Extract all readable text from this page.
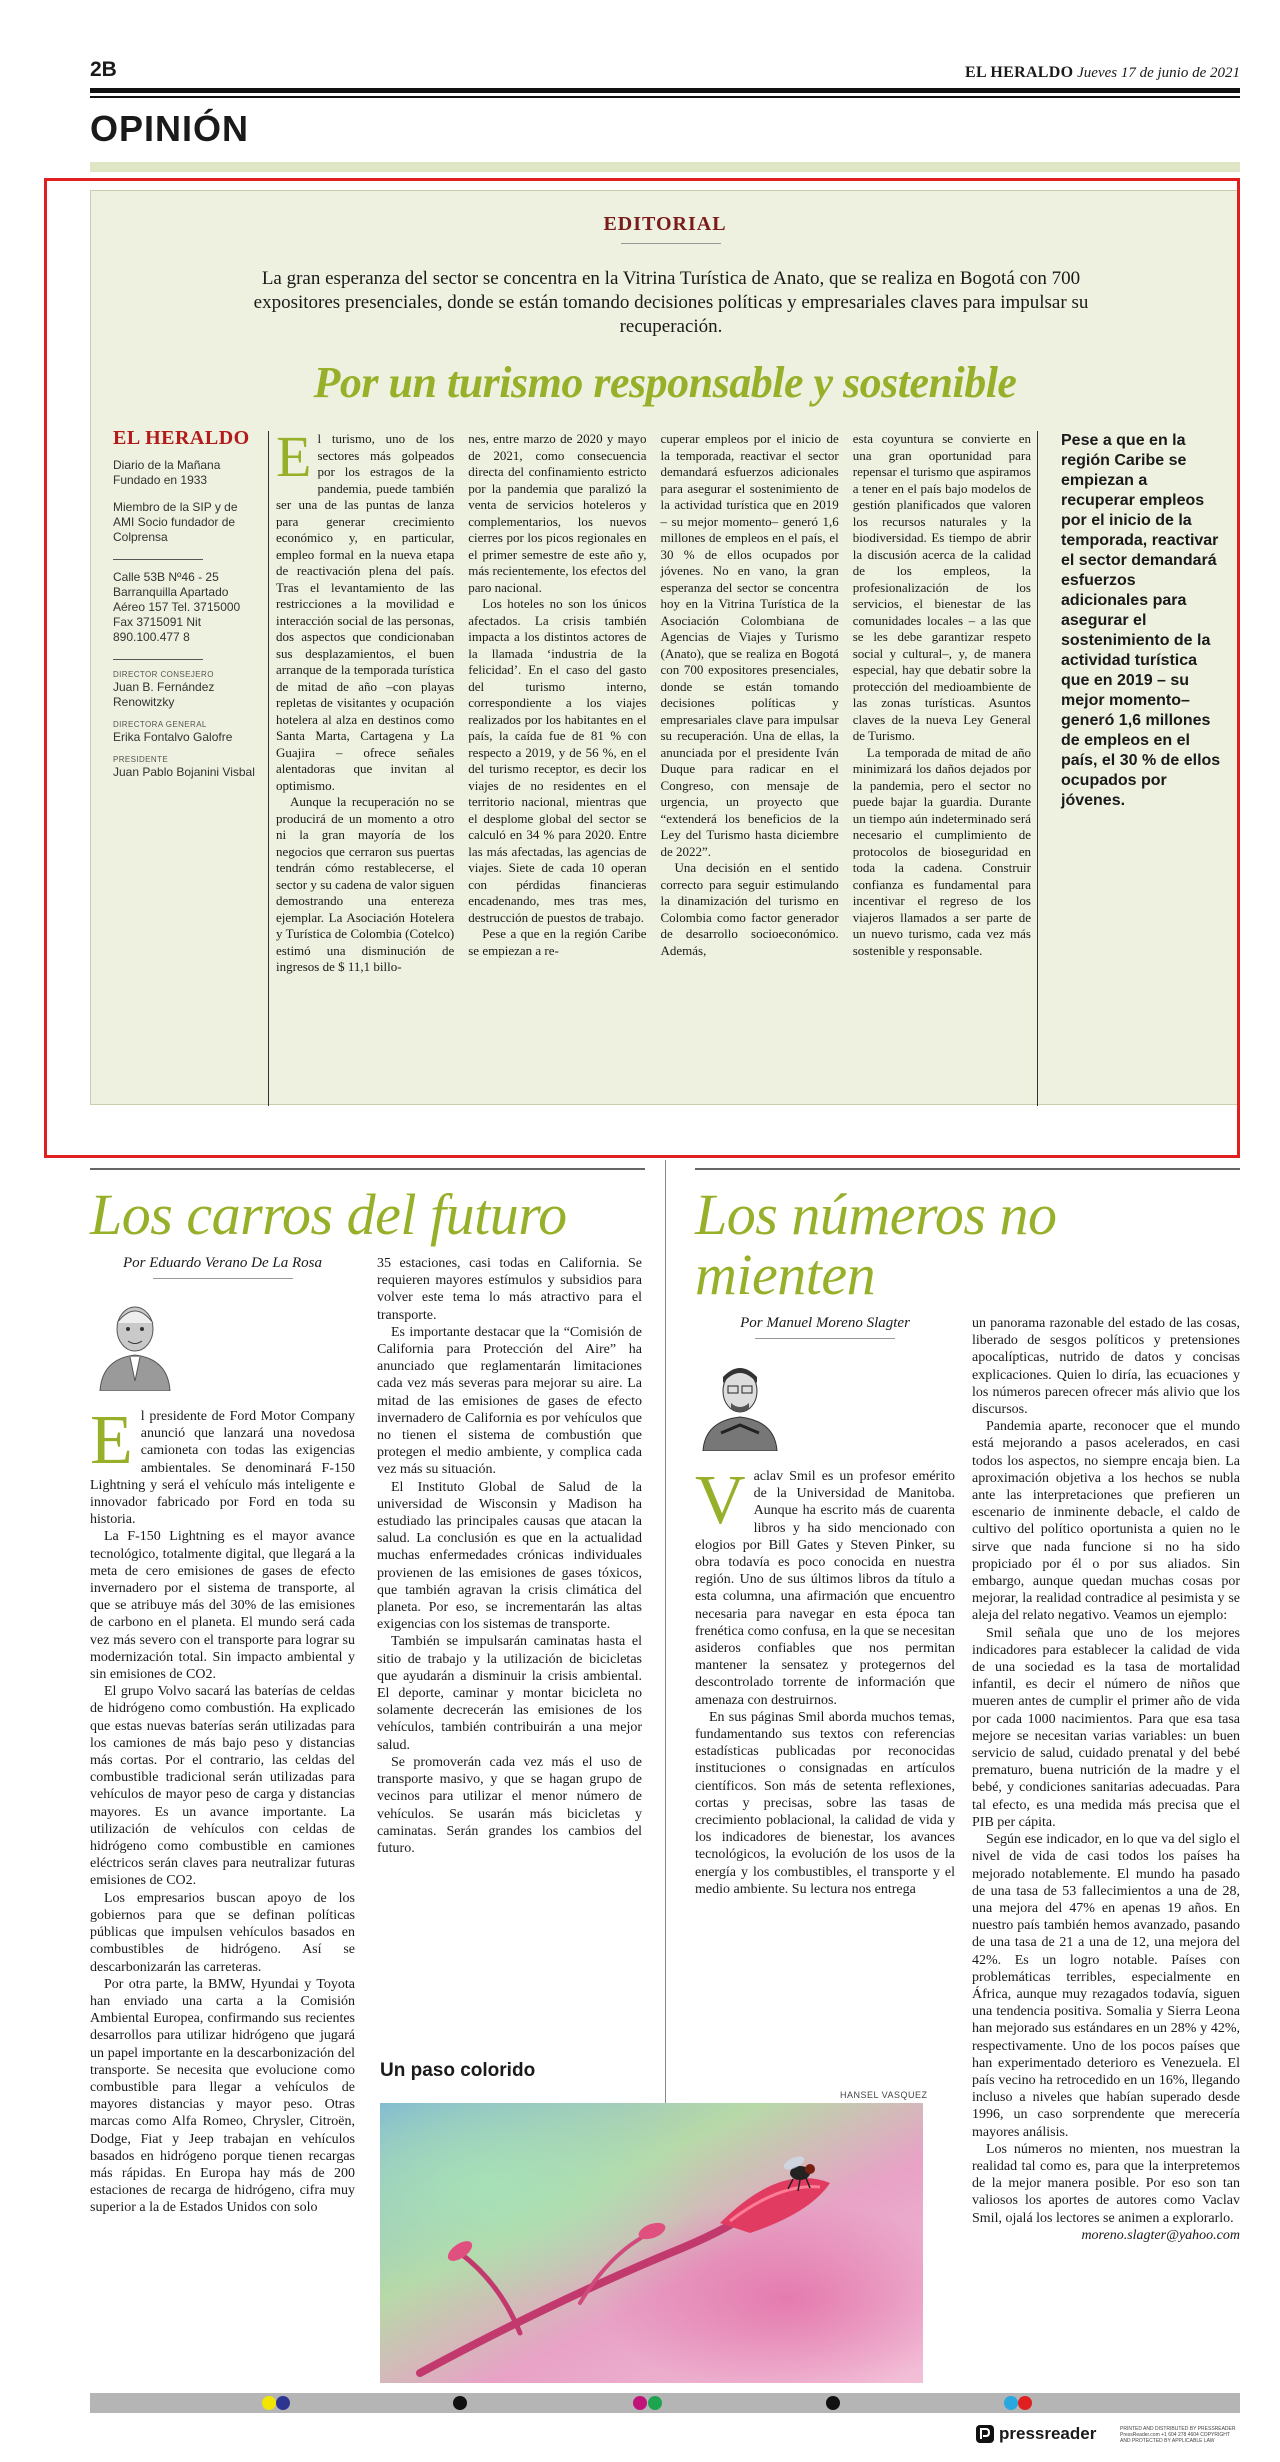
2B	EL HERALDO Jueves 17 de junio de 2021
OPINIÓN
EDITORIAL
La gran esperanza del sector se concentra en la Vitrina Turística de Anato, que se realiza en Bogotá con 700 expositores presenciales, donde se están tomando decisiones políticas y empresariales claves para impulsar su recuperación.
Por un turismo responsable y sostenible
EL HERALDO

Diario de la Mañana Fundado en 1933

Miembro de la SIP y de AMI Socio fundador de Colprensa

Calle 53B Nº46 - 25 Barranquilla Apartado Aéreo 157 Tel. 3715000 Fax 3715091 Nit 890.100.477 8

DIRECTOR CONSEJERO
Juan B. Fernández Renowitzky
DIRECTORA GENERAL
Erika Fontalvo Galofre
PRESIDENTE
Juan Pablo Bojanini Visbal

El turismo, uno de los sectores más golpeados por los estragos de la pandemia, puede también ser una de las puntas de lanza para generar crecimiento económico y, en particular, empleo formal en la nueva etapa de reactivación plena del país. Tras el levantamiento de las restricciones a la movilidad e interacción social de las personas, dos aspectos que condicionaban sus desplazamientos, el buen arranque de la temporada turística de mitad de año –con playas repletas de visitantes y ocupación hotelera al alza en destinos como Santa Marta, Cartagena y La Guajira – ofrece señales alentadoras que invitan al optimismo.

Aunque la recuperación no se producirá de un momento a otro ni la gran mayoría de los negocios que cerraron sus puertas tendrán cómo restablecerse, el sector y su cadena de valor siguen demostrando una entereza ejemplar. La Asociación Hotelera y Turística de Colombia (Cotelco) estimó una disminución de ingresos de $ 11,1 billo-

nes, entre marzo de 2020 y mayo de 2021, como consecuencia directa del confinamiento estricto por la pandemia que paralizó la venta de servicios hoteleros y complementarios, los nuevos cierres por los picos regionales en el primer semestre de este año y, más recientemente, los efectos del paro nacional.

Los hoteles no son los únicos afectados. La crisis también impacta a los distintos actores de la llamada ‘industria de la felicidad’. En el caso del gasto del turismo interno, correspondiente a los viajes realizados por los habitantes en el país, la caída fue de 81 % con respecto a 2019, y de 56 %, en el del turismo receptor, es decir los viajes de no residentes en el territorio nacional, mientras que el desplome global del sector se calculó en 34 % para 2020. Entre las más afectadas, las agencias de viajes. Siete de cada 10 operan con pérdidas financieras encadenando, mes tras mes, destrucción de puestos de trabajo.

Pese a que en la región Caribe se empiezan a re-

cuperar empleos por el inicio de la temporada, reactivar el sector demandará esfuerzos adicionales para asegurar el sostenimiento de la actividad turística que en 2019 – su mejor momento– generó 1,6 millones de empleos en el país, el 30 % de ellos ocupados por jóvenes. No en vano, la gran esperanza del sector se concentra hoy en la Vitrina Turística de la Asociación Colombiana de Agencias de Viajes y Turismo (Anato), que se realiza en Bogotá con 700 expositores presenciales, donde se están tomando decisiones políticas y empresariales clave para impulsar su recuperación. Una de ellas, la anunciada por el presidente Iván Duque para radicar en el Congreso, con mensaje de urgencia, un proyecto que “extenderá los beneficios de la Ley del Turismo hasta diciembre de 2022”.

Una decisión en el sentido correcto para seguir estimulando la dinamización del turismo en Colombia como factor generador de desarrollo socioeconómico. Además,

esta coyuntura se convierte en una gran oportunidad para repensar el turismo que aspiramos a tener en el país bajo modelos de gestión planificados que valoren los recursos naturales y la biodiversidad. Es tiempo de abrir la discusión acerca de la calidad de los empleos, la profesionalización de los servicios, el bienestar de las comunidades locales – a las que se les debe garantizar respeto social y cultural–, y, de manera especial, hay que debatir sobre la protección del medioambiente de las zonas turísticas. Asuntos claves de la nueva Ley General de Turismo.

La temporada de mitad de año minimizará los daños dejados por la pandemia, pero el sector no puede bajar la guardia. Durante un tiempo aún indeterminado será necesario el cumplimiento de protocolos de bioseguridad en toda la cadena. Construir confianza es fundamental para incentivar el regreso de los viajeros llamados a ser parte de un nuevo turismo, cada vez más sostenible y responsable.

Pese a que en la región Caribe se empiezan a recuperar empleos por el inicio de la temporada, reactivar el sector demandará esfuerzos adicionales para asegurar el sostenimiento de la actividad turística que en 2019 – su mejor momento– generó 1,6 millones de empleos en el país, el 30 % de ellos ocupados por jóvenes.
Los carros del futuro
Por Eduardo Verano De La Rosa

El presidente de Ford Motor Company anunció que lanzará una novedosa camioneta con todas las exigencias ambientales. Se denominará F-150 Lightning y será el vehículo más inteligente e innovador fabricado por Ford en toda su historia.

La F-150 Lightning es el mayor avance tecnológico, totalmente digital, que llegará a la meta de cero emisiones de gases de efecto invernadero por el sistema de transporte, al que se atribuye más del 30% de las emisiones de carbono en el planeta. El mundo será cada vez más severo con el transporte para lograr su modernización total. Sin impacto ambiental y sin emisiones de CO2.

El grupo Volvo sacará las baterías de celdas de hidrógeno como combustión. Ha explicado que estas nuevas baterías serán utilizadas para los camiones de más bajo peso y distancias más cortas. Por el contrario, las celdas del combustible tradicional serán utilizadas para vehículos de mayor peso de carga y distancias mayores. Es un avance importante. La utilización de vehículos con celdas de hidrógeno como combustible en camiones eléctricos serán claves para neutralizar futuras emisiones de CO2.

Los empresarios buscan apoyo de los gobiernos para que se definan políticas públicas que impulsen vehículos basados en combustibles de hidrógeno. Así se descarbonizarán las carreteras.

Por otra parte, la BMW, Hyundai y Toyota han enviado una carta a la Comisión Ambiental Europea, confirmando sus recientes desarrollos para utilizar hidrógeno que jugará un papel importante en la descarbonización del transporte. Se necesita que evolucione como combustible para llegar a vehículos de mayores distancias y mayor peso. Otras marcas como Alfa Romeo, Chrysler, Citroën, Dodge, Fiat y Jeep trabajan en vehículos basados en hidrógeno porque tienen recargas más rápidas. En Europa hay más de 200 estaciones de recarga de hidrógeno, cifra muy superior a la de Estados Unidos con solo

35 estaciones, casi todas en California. Se requieren mayores estímulos y subsidios para volver este tema lo más atractivo para el transporte.

Es importante destacar que la “Comisión de California para Protección del Aire” ha anunciado que reglamentarán limitaciones cada vez más severas para mejorar su aire. La mitad de las emisiones de gases de efecto invernadero de California es por vehículos que no tienen el sistema de combustión que protegen el medio ambiente, y complica cada vez más su situación.

El Instituto Global de Salud de la universidad de Wisconsin y Madison ha estudiado las principales causas que atacan la salud. La conclusión es que en la actualidad muchas enfermedades crónicas individuales provienen de las emisiones de gases tóxicos, que también agravan la crisis climática del planeta. Por eso, se incrementarán las altas exigencias con los sistemas de transporte.

También se impulsarán caminatas hasta el sitio de trabajo y la utilización de bicicletas que ayudarán a disminuir la crisis ambiental. El deporte, caminar y montar bicicleta no solamente decrecerán las emisiones de los vehículos, también contribuirán a una mejor salud.

Se promoverán cada vez más el uso de transporte masivo, y que se hagan grupo de vecinos para utilizar el menor número de vehículos. Se usarán más bicicletas y caminatas. Serán grandes los cambios del futuro.

Los números no mienten
Por Manuel Moreno Slagter

Vaclav Smil es un profesor emérito de la Universidad de Manitoba. Aunque ha escrito más de cuarenta libros y ha sido mencionado con elogios por Bill Gates y Steven Pinker, su obra todavía es poco conocida en nuestra región. Uno de sus últimos libros da título a esta columna, una afirmación que encuentro necesaria para navegar en esta época tan frenética como confusa, en la que se necesitan asideros confiables que nos permitan mantener la sensatez y protegernos del descontrolado torrente de información que amenaza con destruirnos.

En sus páginas Smil aborda muchos temas, fundamentando sus textos con referencias estadísticas publicadas por reconocidas instituciones o consignadas en artículos científicos. Son más de setenta reflexiones, cortas y precisas, sobre las tasas de crecimiento poblacional, la calidad de vida y los indicadores de bienestar, los avances tecnológicos, la evolución de los usos de la energía y los combustibles, el transporte y el medio ambiente. Su lectura nos entrega

un panorama razonable del estado de las cosas, liberado de sesgos políticos y pretensiones apocalípticas, nutrido de datos y concisas explicaciones. Quien lo diría, las ecuaciones y los números parecen ofrecer más alivio que los discursos.

Pandemia aparte, reconocer que el mundo está mejorando a pasos acelerados, en casi todos los aspectos, no siempre encaja bien. La aproximación objetiva a los hechos se nubla ante las interpretaciones que prefieren un escenario de inminente debacle, el caldo de cultivo del político oportunista a quien no le sirve que nada funcione si no ha sido propiciado por él o por sus aliados. Sin embargo, aunque quedan muchas cosas por mejorar, la realidad contradice al pesimista y se aleja del relato negativo. Veamos un ejemplo:

Smil señala que uno de los mejores indicadores para establecer la calidad de vida de una sociedad es la tasa de mortalidad infantil, es decir el número de niños que mueren antes de cumplir el primer año de vida por cada 1000 nacimientos. Para que esa tasa mejore se necesitan varias variables: un buen servicio de salud, cuidado prenatal y del bebé prematuro, buena nutrición de la madre y el bebé, y condiciones sanitarias adecuadas. Para tal efecto, es una medida más precisa que el PIB per cápita.

Según ese indicador, en lo que va del siglo el nivel de vida de casi todos los países ha mejorado notablemente. El mundo ha pasado de una tasa de 53 fallecimientos a una de 28, una mejora del 47% en apenas 19 años. En nuestro país también hemos avanzado, pasando de una tasa de 21 a una de 12, una mejora del 42%. Es un logro notable. Países con problemáticas terribles, especialmente en África, aunque muy rezagados todavía, siguen una tendencia positiva. Somalia y Sierra Leona han mejorado sus estándares en un 28% y 42%, respectivamente. Uno de los pocos países que han experimentado deterioro es Venezuela. El país vecino ha retrocedido en un 16%, llegando incluso a niveles que habían superado desde 1996, un caso sorprendente que merecería mayores análisis.

Los números no mienten, nos muestran la realidad tal como es, para que la interpretemos de la mejor manera posible. Por eso son tan valiosos los aportes de autores como Vaclav Smil, ojalá los lectores se animen a explorarlo.

moreno.slagter@yahoo.com

Un paso colorido
HANSEL VASQUEZ
pressreader	PRINTED AND DISTRIBUTED BY PRESSREADER PressReader.com +1 604 278 4604 COPYRIGHT AND PROTECTED BY APPLICABLE LAW
